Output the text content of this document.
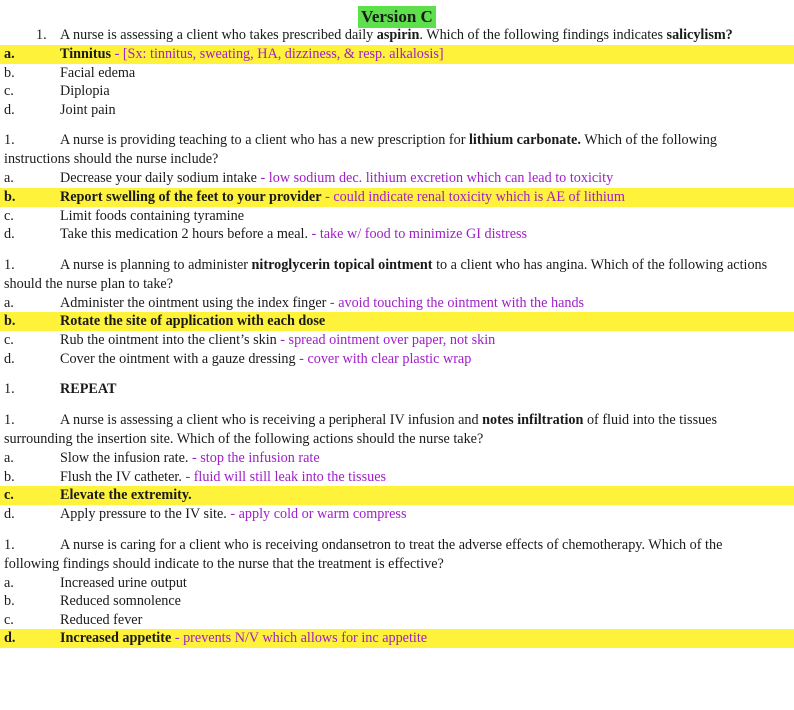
Version C
1. A nurse is assessing a client who takes prescribed daily aspirin. Which of the following findings indicates salicylism?
a.	Tinnitus - [Sx: tinnitus, sweating, HA, dizziness, & resp. alkalosis]
b.	Facial edema
c.	Diplopia
d.	Joint pain
1.	A nurse is providing teaching to a client who has a new prescription for lithium carbonate. Which of the following instructions should the nurse include?
a.	Decrease your daily sodium intake - low sodium dec. lithium excretion which can lead to toxicity
b.	Report swelling of the feet to your provider - could indicate renal toxicity which is AE of lithium
c.	Limit foods containing tyramine
d.	Take this medication 2 hours before a meal. - take w/ food to minimize GI distress
1.	A nurse is planning to administer nitroglycerin topical ointment to a client who has angina. Which of the following actions should the nurse plan to take?
a.	Administer the ointment using the index finger - avoid touching the ointment with the hands
b.	Rotate the site of application with each dose
c.	Rub the ointment into the client’s skin - spread ointment over paper, not skin
d.	Cover the ointment with a gauze dressing - cover with clear plastic wrap
1.	REPEAT
1.	A nurse is assessing a client who is receiving a peripheral IV infusion and notes infiltration of fluid into the tissues surrounding the insertion site. Which of the following actions should the nurse take?
a.	Slow the infusion rate. - stop the infusion rate
b.	Flush the IV catheter. - fluid will still leak into the tissues
c.	Elevate the extremity.
d.	Apply pressure to the IV site. - apply cold or warm compress
1.	A nurse is caring for a client who is receiving ondansetron to treat the adverse effects of chemotherapy. Which of the following findings should indicate to the nurse that the treatment is effective?
a.	Increased urine output
b.	Reduced somnolence
c.	Reduced fever
d.	Increased appetite - prevents N/V which allows for inc appetite
